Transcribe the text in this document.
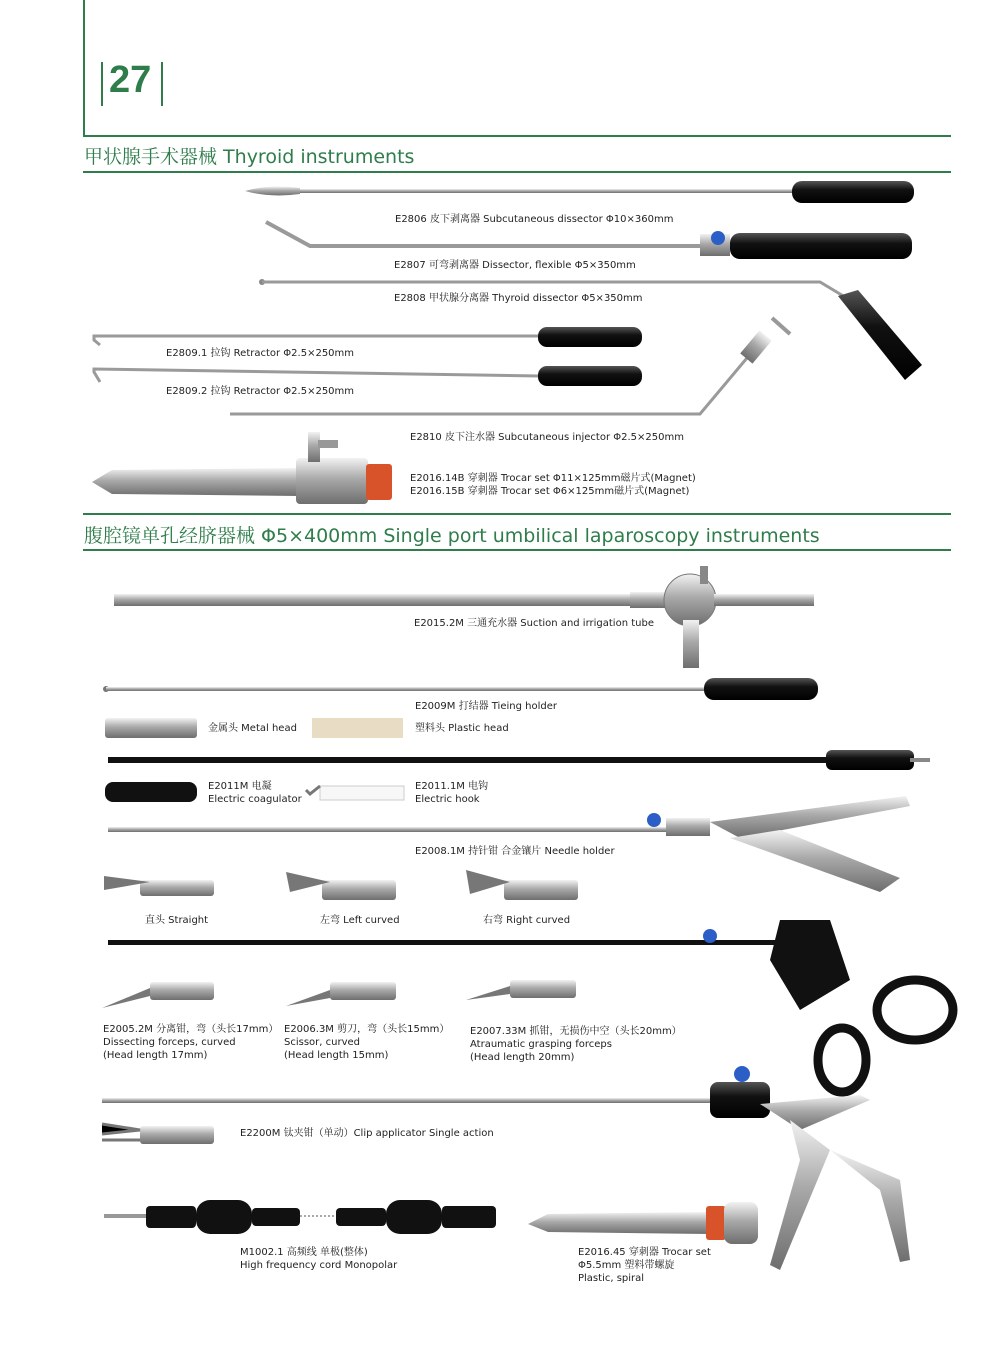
27
甲状腺手术器械 Thyroid instruments
腹腔镜单孔经脐器械 Φ5×400mm Single port umbilical laparoscopy instruments
E2806 皮下剥离器 Subcutaneous dissector Φ10×360mm
E2807 可弯剥离器 Dissector, flexible Φ5×350mm
E2808 甲状腺分离器 Thyroid dissector Φ5×350mm
E2809.1 拉钩 Retractor Φ2.5×250mm
E2809.2 拉钩 Retractor Φ2.5×250mm
E2810 皮下注水器 Subcutaneous injector Φ2.5×250mm
E2016.14B 穿刺器 Trocar set Φ11×125mm磁片式(Magnet)
E2016.15B 穿刺器 Trocar set Φ6×125mm磁片式(Magnet)
E2015.2M 三通充水器 Suction and irrigation tube
E2009M 打结器 Tieing holder
金属头 Metal head	塑料头 Plastic head
E2011M 电凝
Electric coagulator
E2011.1M 电钩
Electric hook
E2008.1M 持针钳 合金镶片 Needle holder
直头 Straight	左弯 Left curved	右弯 Right curved
E2005.2M 分离钳，弯（头长17mm）
Dissecting forceps, curved
(Head length 17mm)
E2006.3M 剪刀，弯（头长15mm）
Scissor, curved
(Head length 15mm)
E2007.33M 抓钳，无损伤中空（头长20mm）
Atraumatic grasping forceps
(Head length 20mm)
E2200M 钛夹钳（单动）Clip applicator Single action
M1002.1 高频线 单极(整体)
High frequency cord Monopolar
E2016.45 穿刺器 Trocar set
Φ5.5mm 塑料带螺旋
Plastic, spiral
